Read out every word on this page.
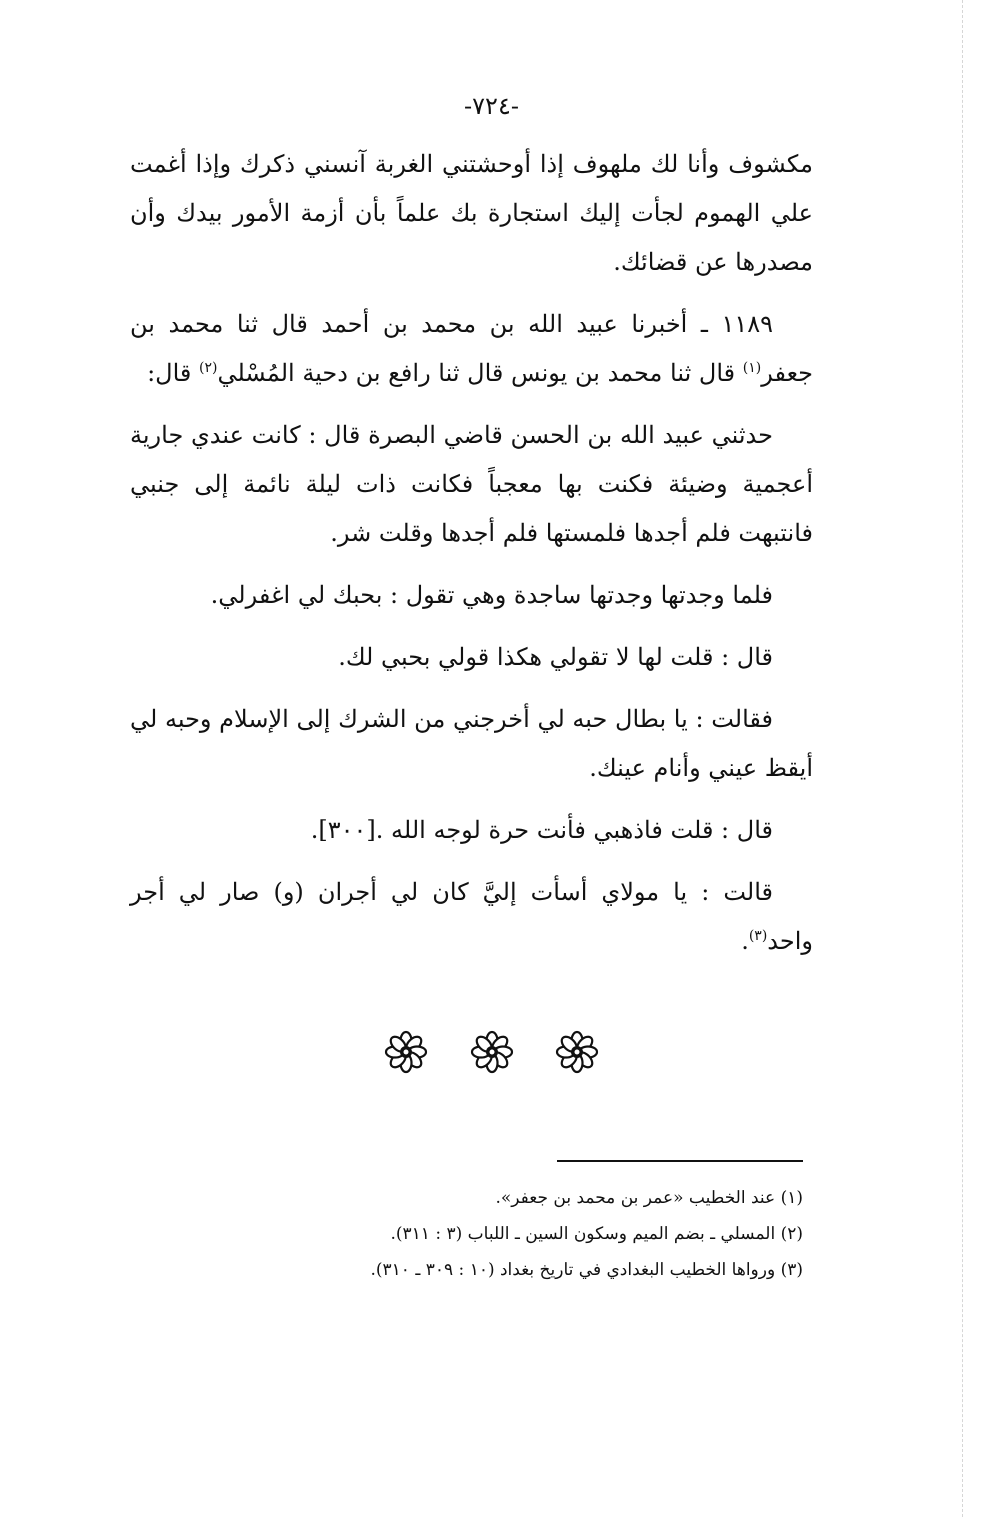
-٧٢٤-

مكشوف وأنا لك ملهوف إذا أوحشتني الغربة آنسني ذكرك وإذا أغمت علي الهموم لجأت إليك استجارة بك علماً بأن أزمة الأمور بيدك وأن مصدرها عن قضائك.

١١٨٩ ـ أخبرنا عبيد الله بن محمد بن أحمد قال ثنا محمد بن جعفر$^{(١)}$ قال ثنا محمد بن يونس قال ثنا رافع بن دحية المُسْلي$^{(٢)}$ قال:

حدثني عبيد الله بن الحسن قاضي البصرة قال : كانت عندي جارية أعجمية وضيئة فكنت بها معجباً فكانت ذات ليلة نائمة إلى جنبي فانتبهت فلم أجدها فلمستها فلم أجدها وقلت شر.

فلما وجدتها وجدتها ساجدة وهي تقول : بحبك لي اغفرلي.

قال : قلت لها لا تقولي هكذا قولي بحبي لك.

فقالت : يا بطال حبه لي أخرجني من الشرك إلى الإسلام وحبه لي أيقظ عيني وأنام عينك.

قال : قلت فاذهبي فأنت حرة لوجه الله .[٣٠٠].

قالت : يا مولاي أسأت إليَّ كان لي أجران (و) صار لي أجر واحد$^{(٣)}$.

(١) عند الخطيب «عمر بن محمد بن جعفر».
(٢) المسلي ـ بضم الميم وسكون السين ـ اللباب (٣ : ٣١١).
(٣) ورواها الخطيب البغدادي في تاريخ بغداد (١٠ : ٣٠٩ ـ ٣١٠).
